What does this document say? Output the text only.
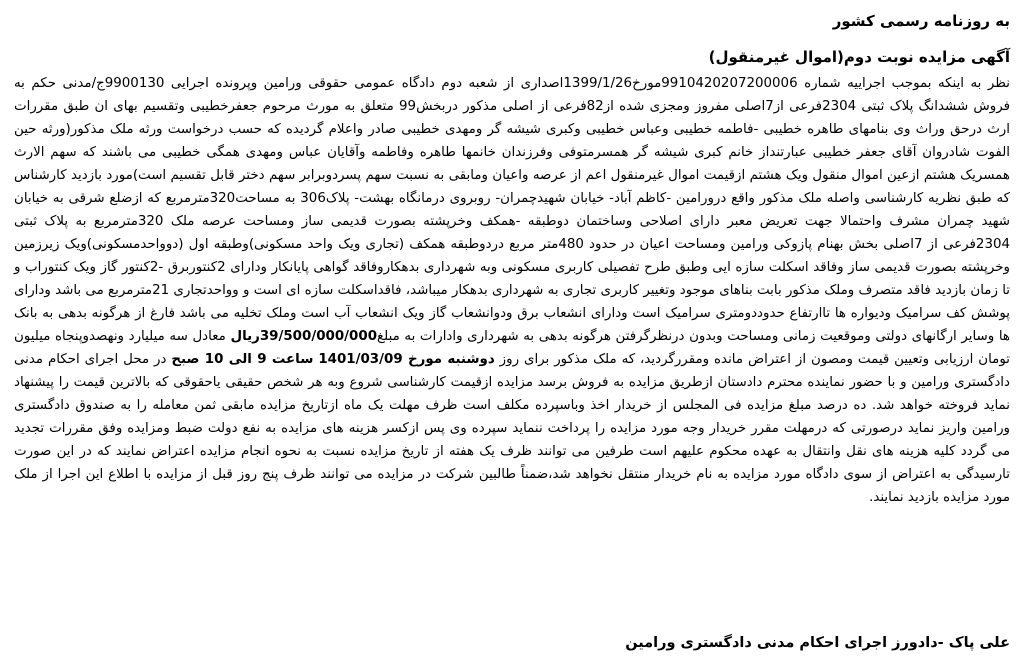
به روزنامه رسمی کشور
آگهی مزایده نوبت دوم(اموال غیرمنقول)

نظر به اینکه بموجب اجراییه شماره 9910420207200006مورخ1399/1/26اصداری از شعبه دوم دادگاه عمومی حقوقی ورامین وپرونده اجرایی 9900130ج/مدنی حکم به فروش ششدانگ پلاک ثبتی 2304فرعی از7اصلی مفروز ومجزی شده از82فرعی از اصلی مذکور دربخش99 متعلق به مورث مرحوم جعفرخطیبی وتقسیم بهای ان طبق مقررات ارث درحق وراث وی بنامهای طاهره خطیبی -فاطمه خطیبی وعباس خطیبی وکبری شیشه گر ومهدی خطیبی صادر واعلام گردیده که حسب درخواست ورثه ملک مذکور(ورثه حین الفوت شادروان آقای جعفر خطیبی عبارتنداز خانم کبری شیشه گر همسرمتوفی وفرزندان خانمها طاهره وفاطمه وآقایان عباس ومهدی همگی خطیبی می باشند که سهم الارث همسریک هشتم ازعین اموال منقول ویک هشتم ازقیمت اموال غیرمنقول اعم از عرصه واعیان ومابقی به نسبت سهم پسردوبرابر سهم دختر قابل تقسیم است)مورد بازدید کارشناس که طبق نظریه کارشناسی واصله ملک مذکور واقع درورامین -کاظم آباد- خیابان شهیدچمران- روبروی درمانگاه بهشت- پلاک306 به مساحت320مترمربع که ازضلع شرقی به خیابان شهید چمران مشرف واحتمالا جهت تعریض معبر دارای اصلاحی وساختمان دوطبقه -همکف وخرپشته بصورت قدیمی ساز ومساحت عرصه ملک 320مترمربع به پلاک ثبتی 2304فرعی از 7اصلی بخش بهنام پازوکی ورامین ومساحت اعیان در حدود 480متر مربع دردوطبقه همکف (تجاری ویک واحد مسکونی)وطبقه اول (دوواحدمسکونی)ویک زیرزمین وخرپشته بصورت قدیمی ساز وفاقد اسکلت سازه ایی وطبق طرح تفصیلی کاربری مسکونی وبه شهرداری بدهکاروفاقد گواهی پایانکار ودارای 2کنتوربرق -2کنتور گاز ویک کنتوراب و تا زمان بازدید فاقد متصرف وملک مذکور بابت بناهای موجود وتغییر کاربری تجاری به شهرداری بدهکار میباشد، فاقداسکلت سازه ای است و وواحدتجاری 21مترمربع می باشد ودارای پوشش کف سرامیک ودیواره ها تاارتفاع حدوددومتری سرامیک است ودارای انشعاب برق ودوانشعاب گاز ویک انشعاب آب است وملک تخلیه می باشد فارغ از هرگونه بدهی به بانک ها وسایر ارگانهای دولتی وموقعیت زمانی ومساحت وبدون درنظرگرفتن هرگونه بدهی به شهرداری وادارات به مبلغ39/500/000/000ریال معادل سه میلیارد ونهصدوپنجاه میلیون تومان ارزیابی وتعیین قیمت ومصون از اعتراض مانده ومقررگردید، که ملک مذکور برای روز دوشنبه مورخ 1401/03/09 ساعت 9 الی 10 صبح در محل اجرای احکام مدنی دادگستری ورامین و با حضور نماینده محترم دادستان ازطریق مزایده به فروش برسد مزایده ازقیمت کارشناسی شروع وبه هر شخص حقیقی یاحقوقی که بالاترین قیمت را پیشنهاد نماید فروخته خواهد شد. ده درصد مبلغ مزایده فی المجلس از خریدار اخذ وباسپرده مکلف است ظرف مهلت یک ماه ازتاریخ مزایده مابقی ثمن معامله را به صندوق دادگستری ورامین واریز نماید درصورتی که درمهلت مقرر خریدار وجه مورد مزایده را پرداخت ننماید سپرده وی پس ازکسر هزینه های مزایده به نفع دولت ضبط ومزایده وفق مقررات تجدید می گردد کلیه هزینه های نقل وانتقال به عهده محکوم علیهم است طرفین می توانند ظرف یک هفته از تاریخ مزایده نسبت به نحوه انجام مزایده اعتراض نمایند که در این صورت تارسیدگی به اعتراض از سوی دادگاه مورد مزایده به نام خریدار منتقل نخواهد شد،ضمناً طالبین شرکت در مزایده می توانند ظرف پنج روز قبل از مزایده با اطلاع این اجرا از ملک مورد مزایده بازدید نمایند.

علی پاک -دادورز اجرای احکام مدنی دادگستری ورامین
